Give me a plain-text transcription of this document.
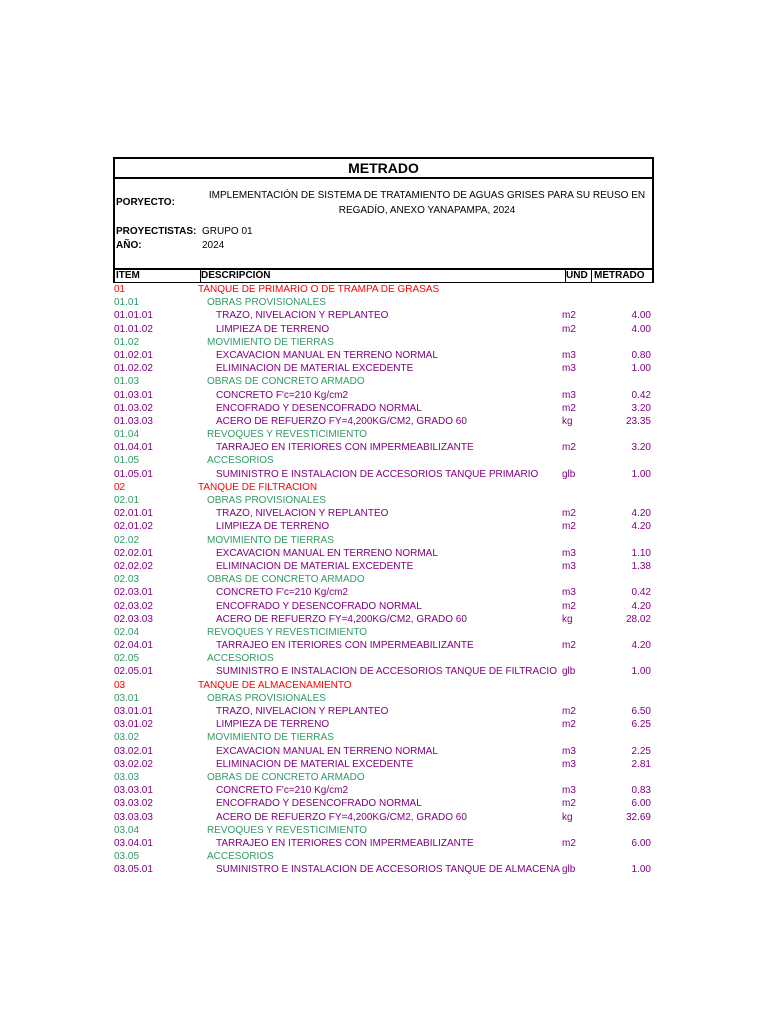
METRADO
PORYECTO:
IMPLEMENTACIÓN DE SISTEMA DE TRATAMIENTO DE AGUAS GRISES PARA SU REUSO EN REGADÍO, ANEXO YANAPAMPA, 2024
PROYECTISTAS: GRUPO 01
AÑO:	2024
ITEM	DESCRIPCIÓN	UND METRADO
01	TANQUE DE PRIMARIO O DE TRAMPA DE GRASAS
01.01	OBRAS PROVISIONALES
01.01.01	TRAZO, NIVELACION Y REPLANTEO	m2	4.00
01.01.02	LIMPIEZA DE TERRENO	m2	4.00
01.02	MOVIMIENTO DE TIERRAS
01.02.01	EXCAVACION MANUAL EN TERRENO NORMAL	m3	0.80
01.02.02	ELIMINACION DE MATERIAL EXCEDENTE	m3	1.00
01.03	OBRAS DE CONCRETO ARMADO
01.03.01	CONCRETO F'c=210 Kg/cm2	m3	0.42
01.03.02	ENCOFRADO Y DESENCOFRADO NORMAL	m2	3.20
01.03.03	ACERO DE REFUERZO FY=4,200KG/CM2, GRADO 60	kg	23.35
01.04	REVOQUES Y REVESTICIMIENTO
01.04.01	TARRAJEO EN ITERIORES CON IMPERMEABILIZANTE	m2	3.20
01.05	ACCESORIOS
01.05.01	SUMINISTRO E INSTALACION DE ACCESORIOS TANQUE PRIMARIO	glb	1.00
02	TANQUE DE FILTRACION
02.01	OBRAS PROVISIONALES
02.01.01	TRAZO, NIVELACION Y REPLANTEO	m2	4.20
02.01.02	LIMPIEZA DE TERRENO	m2	4.20
02.02	MOVIMIENTO DE TIERRAS
02.02.01	EXCAVACION MANUAL EN TERRENO NORMAL	m3	1.10
02.02.02	ELIMINACION DE MATERIAL EXCEDENTE	m3	1.38
02.03	OBRAS DE CONCRETO ARMADO
02.03.01	CONCRETO F'c=210 Kg/cm2	m3	0.42
02.03.02	ENCOFRADO Y DESENCOFRADO NORMAL	m2	4.20
02.03.03	ACERO DE REFUERZO FY=4,200KG/CM2, GRADO 60	kg	28.02
02.04	REVOQUES Y REVESTICIMIENTO
02.04.01	TARRAJEO EN ITERIORES CON IMPERMEABILIZANTE	m2	4.20
02.05	ACCESORIOS
02.05.01	SUMINISTRO E INSTALACION DE ACCESORIOS TANQUE DE FILTRACIO glb	1.00
03	TANQUE DE ALMACENAMIENTO
03.01	OBRAS PROVISIONALES
03.01.01	TRAZO, NIVELACION Y REPLANTEO	m2	6.50
03.01.02	LIMPIEZA DE TERRENO	m2	6.25
03.02	MOVIMIENTO DE TIERRAS
03.02.01	EXCAVACION MANUAL EN TERRENO NORMAL	m3	2.25
03.02.02	ELIMINACION DE MATERIAL EXCEDENTE	m3	2.81
03.03	OBRAS DE CONCRETO ARMADO
03.03.01	CONCRETO F'c=210 Kg/cm2	m3	0.83
03.03.02	ENCOFRADO Y DESENCOFRADO NORMAL	m2	6.00
03.03.03	ACERO DE REFUERZO FY=4,200KG/CM2, GRADO 60	kg	32.69
03.04	REVOQUES Y REVESTICIMIENTO
03.04.01	TARRAJEO EN ITERIORES CON IMPERMEABILIZANTE	m2	6.00
03.05	ACCESORIOS
03.05.01	SUMINISTRO E INSTALACION DE ACCESORIOS TANQUE DE ALMACENA glb	1.00
